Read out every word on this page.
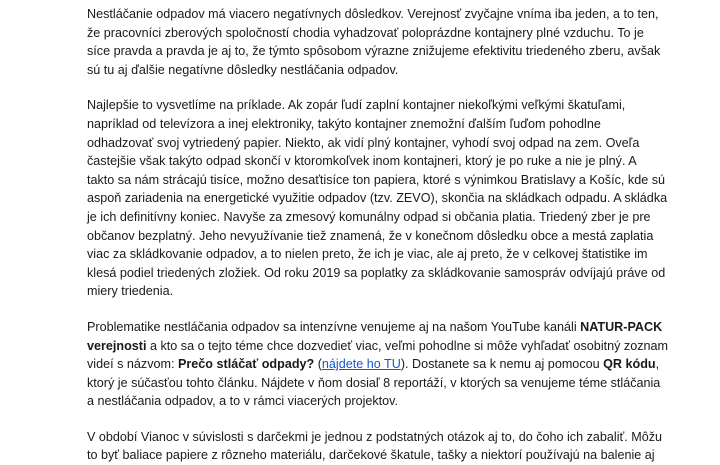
Nestláčanie odpadov má viacero negatívnych dôsledkov. Verejnosť zvyčajne vníma iba jeden, a to ten,
že pracovníci zberových spoločností chodia vyhadzovať poloprázdne kontajnery plné vzduchu. To je
síce pravda a pravda je aj to, že týmto spôsobom výrazne znižujeme efektivitu triedeného zberu, avšak
sú tu aj ďalšie negatívne dôsledky nestláčania odpadov.

Najlepšie to vysvetlíme na príklade. Ak zopár ľudí zaplní kontajner niekoľkými veľkými škatuľami,
napríklad od televízora a inej elektroniky, takýto kontajner znemožní ďalším ľuďom pohodlne
odhadzovať svoj vytriedený papier. Niekto, ak vidí plný kontajner, vyhodí svoj odpad na zem. Oveľa
častejšie však takýto odpad skončí v ktoromkoľvek inom kontajneri, ktorý je po ruke a nie je plný. A
takto sa nám strácajú tisíce, možno desaťtisíce ton papiera, ktoré s výnimkou Bratislavy a Košíc, kde sú
aspoň zariadenia na energetické využitie odpadov (tzv. ZEVO), skončia na skládkach odpadu. A skládka
je ich definitívny koniec. Navyše za zmesový komunálny odpad si občania platia. Triedený zber je pre
občanov bezplatný. Jeho nevyužívanie tiež znamená, že v konečnom dôsledku obce a mestá zaplatia
viac za skládkovanie odpadov, a to nielen preto, že ich je viac, ale aj preto, že v celkovej štatistike im
klesá podiel triedených zložiek. Od roku 2019 sa poplatky za skládkovanie samospráv odvíjajú práve od
miery triedenia.

Problematike nestláčania odpadov sa intenzívne venujeme aj na našom YouTube kanáli NATUR-PACK
verejnosti a kto sa o tejto téme chce dozvedieť viac, veľmi pohodlne si môže vyhľadať osobitný zoznam
videí s názvom: Prečo stláčať odpady? (nájdete ho TU). Dostanete sa k nemu aj pomocou QR kódu,
ktorý je súčasťou tohto článku. Nájdete v ňom dosiaľ 8 reportáží, v ktorých sa venujeme téme stláčania
a nestláčania odpadov, a to v rámci viacerých projektov.

V období Vianoc v súvislosti s darčekmi je jednou z podstatných otázok aj to, do čoho ich zabaliť. Môžu
to byť baliace papiere z rôzneho materiálu, darčekové škatule, tašky a niektorí používajú na balenie aj
